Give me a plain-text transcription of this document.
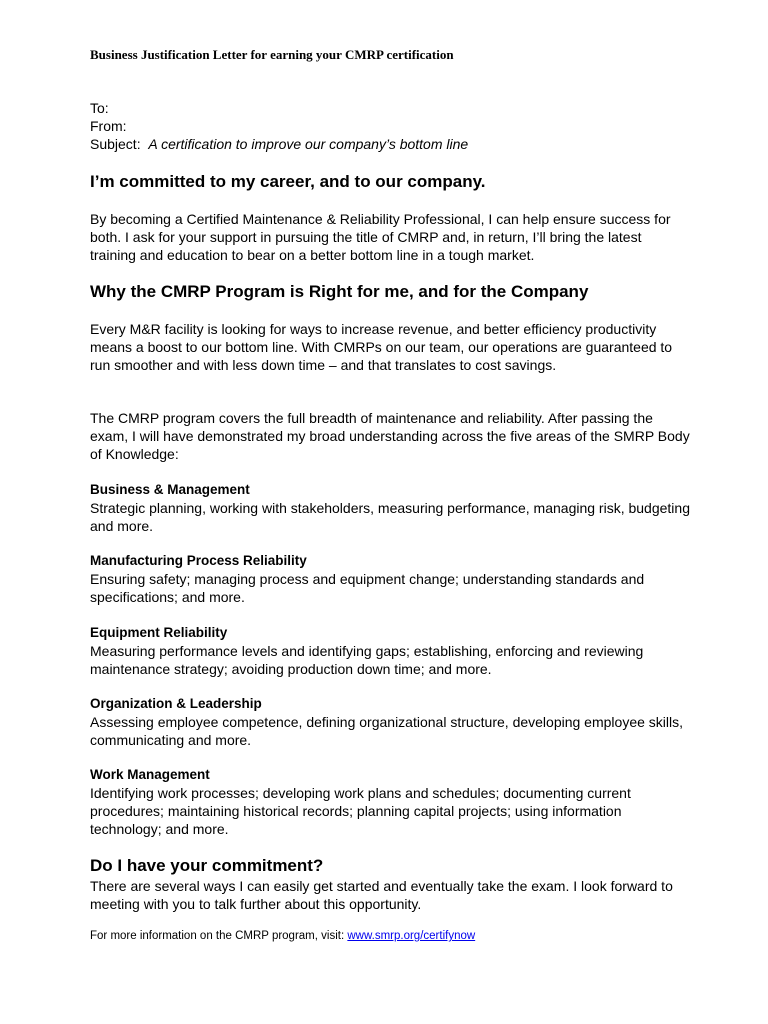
Business Justification Letter for earning your CMRP certification
To:
From:
Subject: A certification to improve our company’s bottom line
I’m committed to my career, and to our company.

By becoming a Certified Maintenance & Reliability Professional, I can help ensure success for both. I ask for your support in pursuing the title of CMRP and, in return, I’ll bring the latest training and education to bear on a better bottom line in a tough market.

Why the CMRP Program is Right for me, and for the Company

Every M&R facility is looking for ways to increase revenue, and better efficiency productivity means a boost to our bottom line. With CMRPs on our team, our operations are guaranteed to run smoother and with less down time – and that translates to cost savings.

The CMRP program covers the full breadth of maintenance and reliability. After passing the exam, I will have demonstrated my broad understanding across the five areas of the SMRP Body of Knowledge:

Business & Management
Strategic planning, working with stakeholders, measuring performance, managing risk, budgeting and more.
Manufacturing Process Reliability
Ensuring safety; managing process and equipment change; understanding standards and specifications; and more.
Equipment Reliability
Measuring performance levels and identifying gaps; establishing, enforcing and reviewing maintenance strategy; avoiding production down time; and more.
Organization & Leadership
Assessing employee competence, defining organizational structure, developing employee skills, communicating and more.
Work Management
Identifying work processes; developing work plans and schedules; documenting current procedures; maintaining historical records; planning capital projects; using information technology; and more.
Do I have your commitment?

There are several ways I can easily get started and eventually take the exam. I look forward to meeting with you to talk further about this opportunity.

For more information on the CMRP program, visit: www.smrp.org/certifynow
